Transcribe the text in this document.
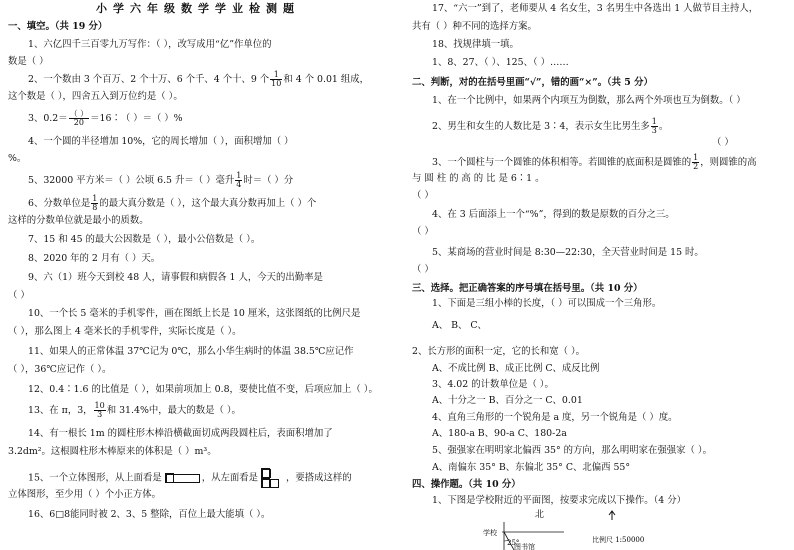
小学六年级数学学业检测题
一、填空。（共 19 分）
1、六亿四千三百零九万写作：（ ），改写成用“亿”作单位的
数是（ ）
2、一个数由 3 个百万、2 个十万、6 个千、4 个十、9 个 $\frac{1}{10}$ 和 4 个 0.01 组成，
这个数是（ ），四舍五入到万位约是（ ）。
3、$0.2= \frac{( )}{20}$ ＝16∶（ ）＝（ ）%
4、一个圆的半径增加 10%，它的周长增加（ ），面积增加（ ）
%。
5、32000 平方米＝（ ）公顷 6.5 升＝（ ）毫升 $\frac{1}{4}$ 时＝（ ）分
6、分数单位是 $\frac{1}{8}$ 的最大真分数是（ ），这个最大真分数再加上（ ）个
这样的分数单位就是最小的质数。
7、15 和 45 的最大公因数是（ ），最小公倍数是（ ）。
8、2020 年的 2 月有（ ）天。
9、六（1）班今天到校 48 人，请事假和病假各 1 人，今天的出勤率是
（ ）
10、一个长 5 毫米的手机零件，画在图纸上长是 10 厘米，这张图纸的比例尺是
（ ），那么图上 4 毫米长的手机零件，实际长度是（ ）。
11、如果人的正常体温 37℃记为 0℃，那么小华生病时的体温 38.5℃应记作
（ ），36℃应记作（ ）。
12、0.4∶1.6 的比值是（ ），如果前项加上 0.8，要使比值不变，后项应加上（ ）。
13、在 π，3， $\frac{10}{3}$ 和 31.4%中，最大的数是（ ）。
14、有一根长 1m 的圆柱形木棒沿横截面切成两段圆柱后，表面积增加了
3.2dm²。这根圆柱形木棒原来的体积是（ ）m³。
15、一个立体图形，从上面看是	，从左面看是	，要搭成这样的
立体图形，至少用（ ）个小正方体。
16、6□8能同时被 2、3、5 整除，百位上最大能填（ ）。
17、“六一”到了，老师要从 4 名女生，3 名男生中各选出 1 人做节目主持人，
共有（ ）种不同的选择方案。
18、找规律填一填。
1、8、27、（ ）、125、（ ）……
二、判断，对的在括号里画“√”，错的画“×”。（共 5 分）
1、在一个比例中，如果两个内项互为倒数，那么两个外项也互为倒数。（ ）
2、男生和女生的人数比是 3∶4，表示女生比男生多 $\frac{1}{3}$ 。
（ ）
3、一个圆柱与一个圆锥的体积相等。若圆锥的底面积是圆锥的 $\frac{1}{2}$ ，则圆锥的高
与 圆 柱 的 高 的 比 是 6∶1 。
（ ）
4、在 3 后面添上一个“%”，得到的数是原数的百分之三。
（ ）
5、某商场的营业时间是 8:30—22:30，全天营业时间是 15 时。
（ ）
三、选择。把正确答案的序号填在括号里。（共 10 分）
1、下面是三组小棒的长度，（ ）可以围成一个三角形。
A、 B、 C、
2、长方形的面积一定，它的长和宽（ ）。
A、不成比例 B、成正比例 C、成反比例
3、4.02 的计数单位是（ ）。
A、十分之一 B、百分之一 C、0.01
4、直角三角形的一个锐角是 a 度，另一个锐角是（ ）度。
A、180-a B、90-a C、180-2a
5、强强家在明明家北偏西 35° 的方向，那么明明家在强强家（ ）。
A、南偏东 35° B、东偏北 35° C、北偏西 55°
四、操作题。（共 10 分）
1、下图是学校附近的平面图，按要求完成以下操作。（4 分）
北
学校
25°
图书馆
比例尺 1:50000
